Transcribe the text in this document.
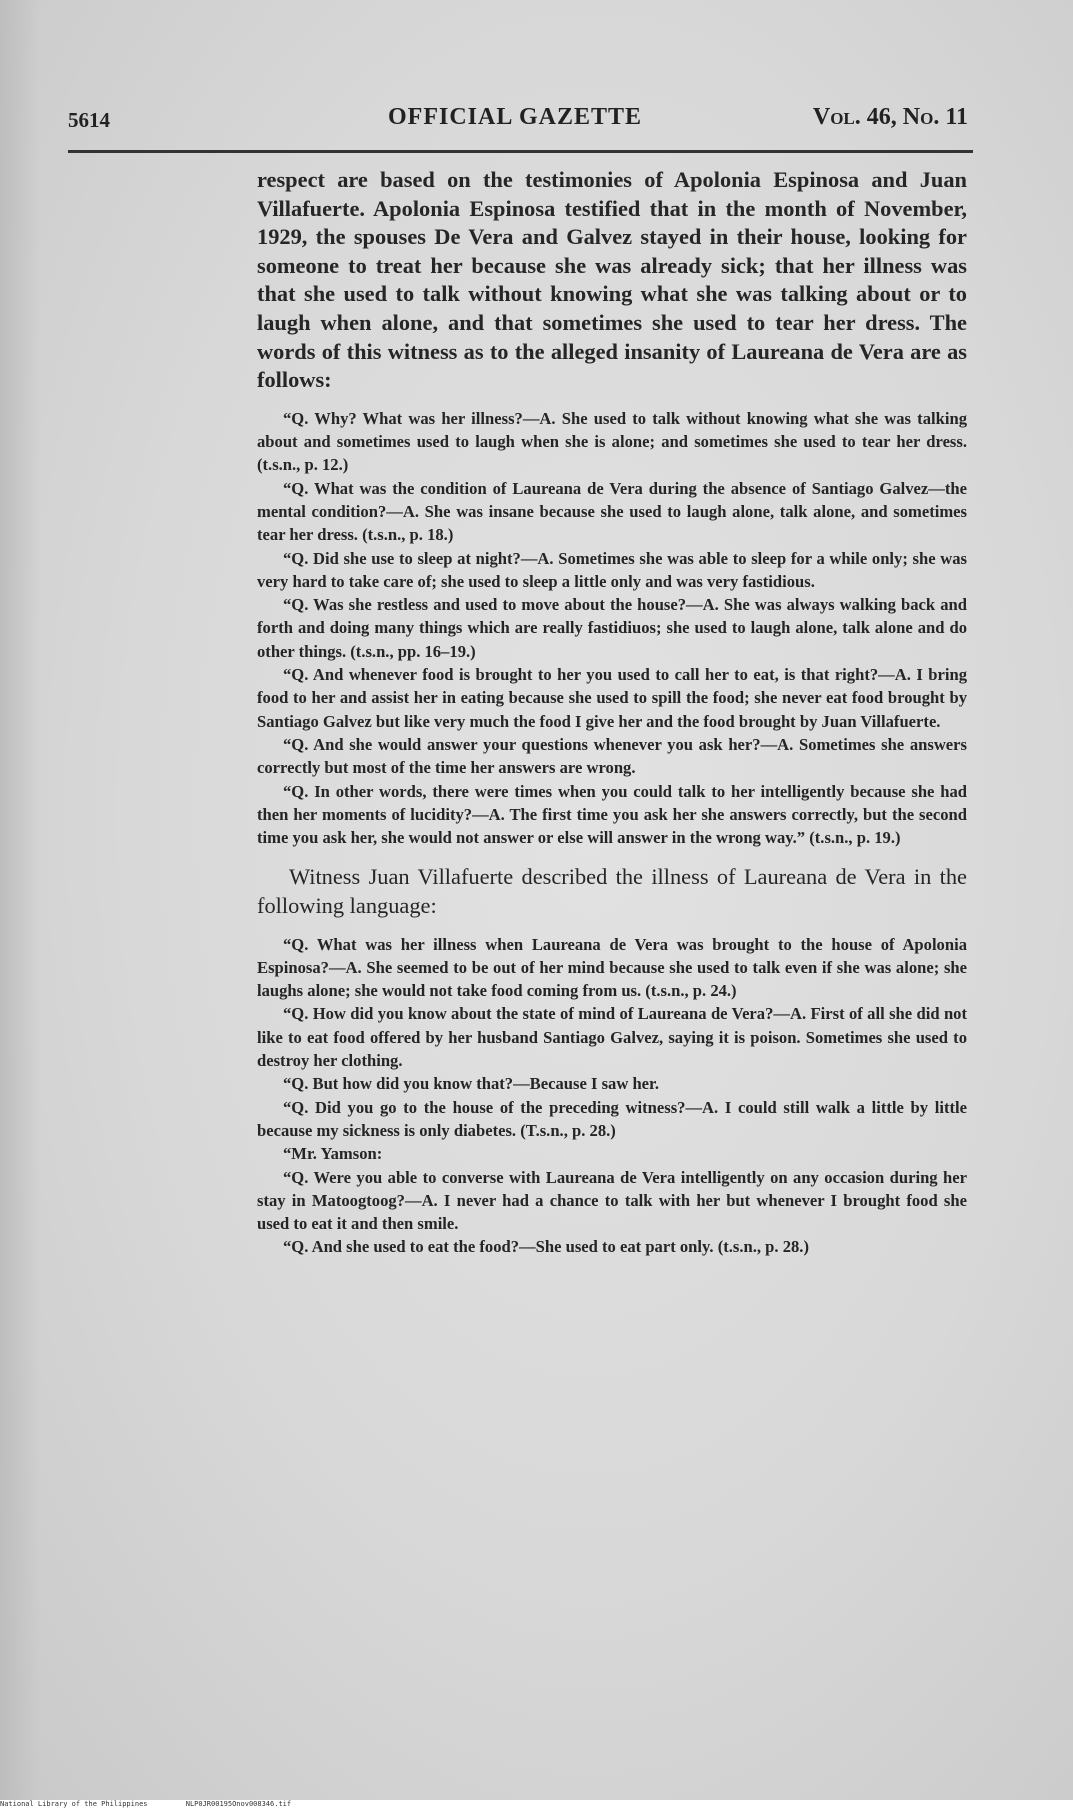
5614	OFFICIAL GAZETTE	Vol. 46, No. 11

respect are based on the testimonies of Apolonia Espinosa and Juan Villafuerte. Apolonia Espinosa testified that in the month of November, 1929, the spouses De Vera and Galvez stayed in their house, looking for someone to treat her because she was already sick; that her illness was that she used to talk without knowing what she was talking about or to laugh when alone, and that sometimes she used to tear her dress. The words of this witness as to the alleged insanity of Laureana de Vera are as follows:

“Q. Why? What was her illness?—A. She used to talk without knowing what she was talking about and sometimes used to laugh when she is alone; and sometimes she used to tear her dress. (t.s.n., p. 12.)

“Q. What was the condition of Laureana de Vera during the absence of Santiago Galvez—the mental condition?—A. She was insane because she used to laugh alone, talk alone, and sometimes tear her dress. (t.s.n., p. 18.)

“Q. Did she use to sleep at night?—A. Sometimes she was able to sleep for a while only; she was very hard to take care of; she used to sleep a little only and was very fastidious.

“Q. Was she restless and used to move about the house?—A. She was always walking back and forth and doing many things which are really fastidiuos; she used to laugh alone, talk alone and do other things. (t.s.n., pp. 16–19.)

“Q. And whenever food is brought to her you used to call her to eat, is that right?—A. I bring food to her and assist her in eating because she used to spill the food; she never eat food brought by Santiago Galvez but like very much the food I give her and the food brought by Juan Villafuerte.

“Q. And she would answer your questions whenever you ask her?—A. Sometimes she answers correctly but most of the time her answers are wrong.

“Q. In other words, there were times when you could talk to her intelligently because she had then her moments of lucidity?—A. The first time you ask her she answers correctly, but the second time you ask her, she would not answer or else will answer in the wrong way.” (t.s.n., p. 19.)

Witness Juan Villafuerte described the illness of Laureana de Vera in the following language:

“Q. What was her illness when Laureana de Vera was brought to the house of Apolonia Espinosa?—A. She seemed to be out of her mind because she used to talk even if she was alone; she laughs alone; she would not take food coming from us. (t.s.n., p. 24.)

“Q. How did you know about the state of mind of Laureana de Vera?—A. First of all she did not like to eat food offered by her husband Santiago Galvez, saying it is poison. Sometimes she used to destroy her clothing.

“Q. But how did you know that?—Because I saw her.

“Q. Did you go to the house of the preceding witness?—A. I could still walk a little by little because my sickness is only diabetes. (T.s.n., p. 28.)

“Mr. Yamson:

“Q. Were you able to converse with Laureana de Vera intelligently on any occasion during her stay in Matoogtoog?—A. I never had a chance to talk with her but whenever I brought food she used to eat it and then smile.

“Q. And she used to eat the food?—She used to eat part only. (t.s.n., p. 28.)

National Library of the Philippines	NLP0JR00195Onov008346.tif
